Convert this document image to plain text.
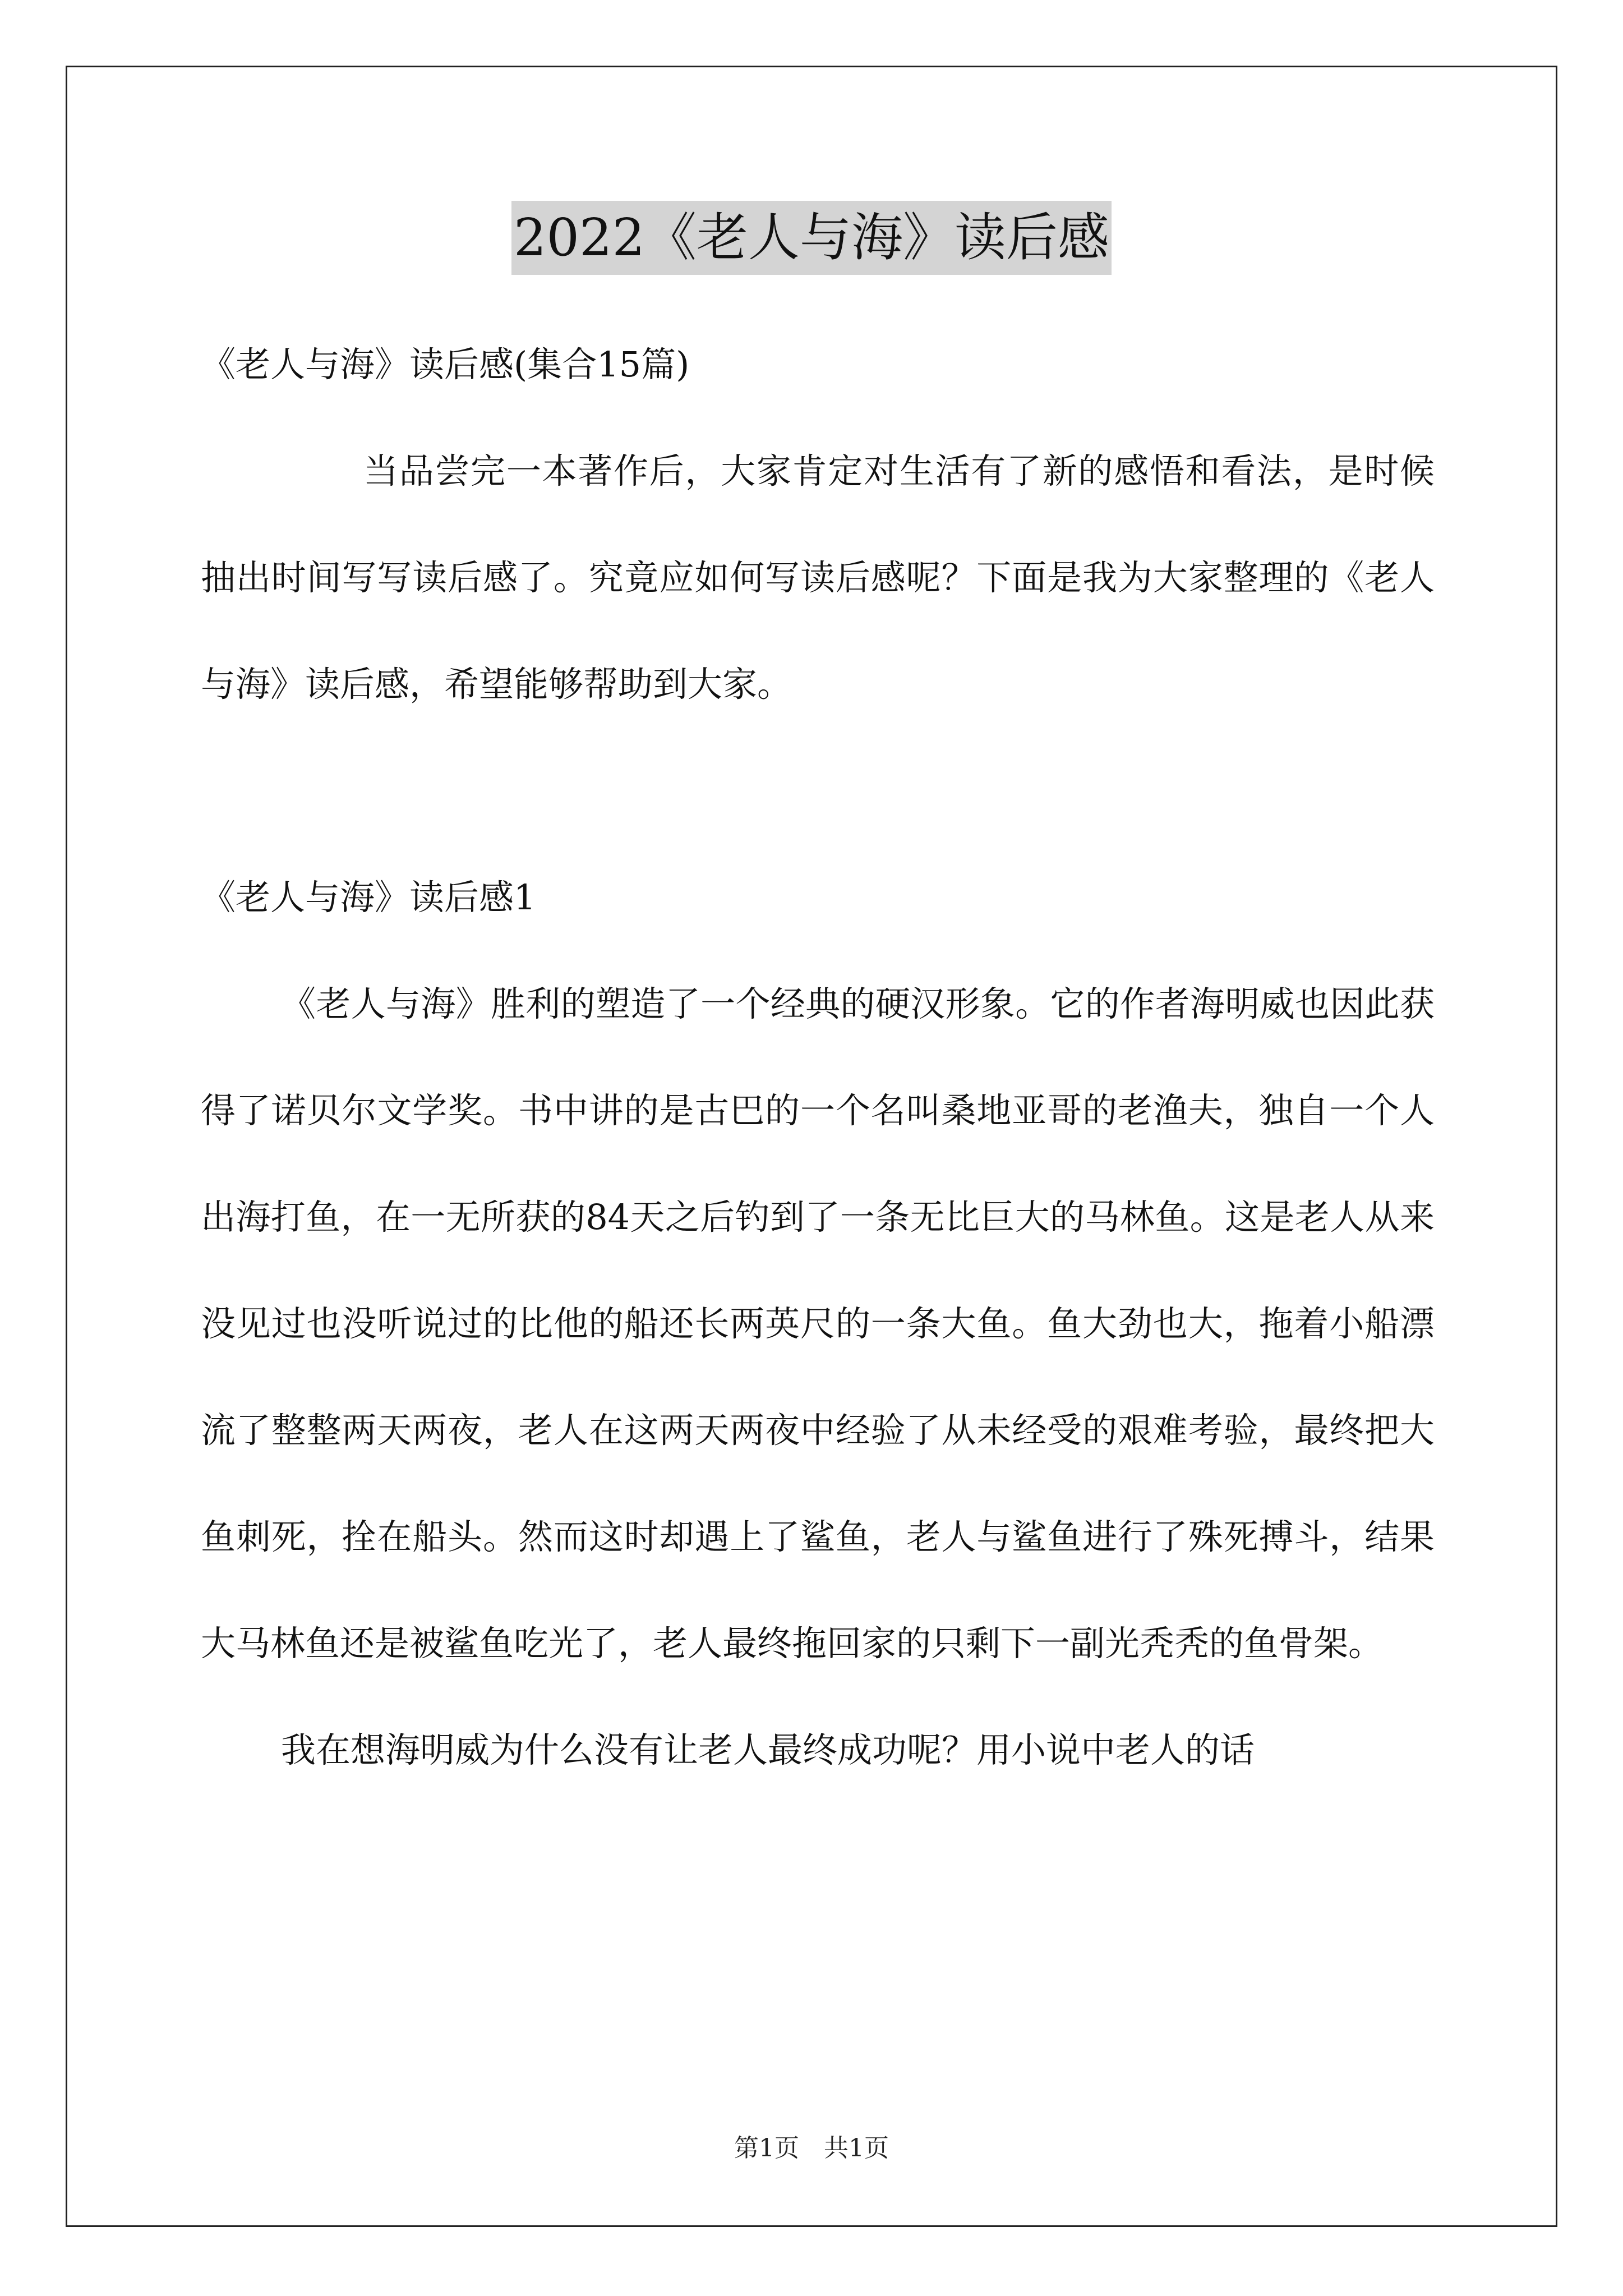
2022《老人与海》读后感

《老人与海》读后感(集合15篇)

当品尝完一本著作后，大家肯定对生活有了新的感悟和看法，是时候抽出时间写写读后感了。究竟应如何写读后感呢？下面是我为大家整理的《老人与海》读后感，希望能够帮助到大家。

《老人与海》读后感1

《老人与海》胜利的塑造了一个经典的硬汉形象。它的作者海明威也因此获得了诺贝尔文学奖。书中讲的是古巴的一个名叫桑地亚哥的老渔夫，独自一个人出海打鱼，在一无所获的84天之后钓到了一条无比巨大的马林鱼。这是老人从来没见过也没听说过的比他的船还长两英尺的一条大鱼。鱼大劲也大，拖着小船漂流了整整两天两夜，老人在这两天两夜中经验了从未经受的艰难考验，最终把大鱼刺死，拴在船头。然而这时却遇上了鲨鱼，老人与鲨鱼进行了殊死搏斗，结果大马林鱼还是被鲨鱼吃光了，老人最终拖回家的只剩下一副光秃秃的鱼骨架。

我在想海明威为什么没有让老人最终成功呢？用小说中老人的话

第1页　共1页
